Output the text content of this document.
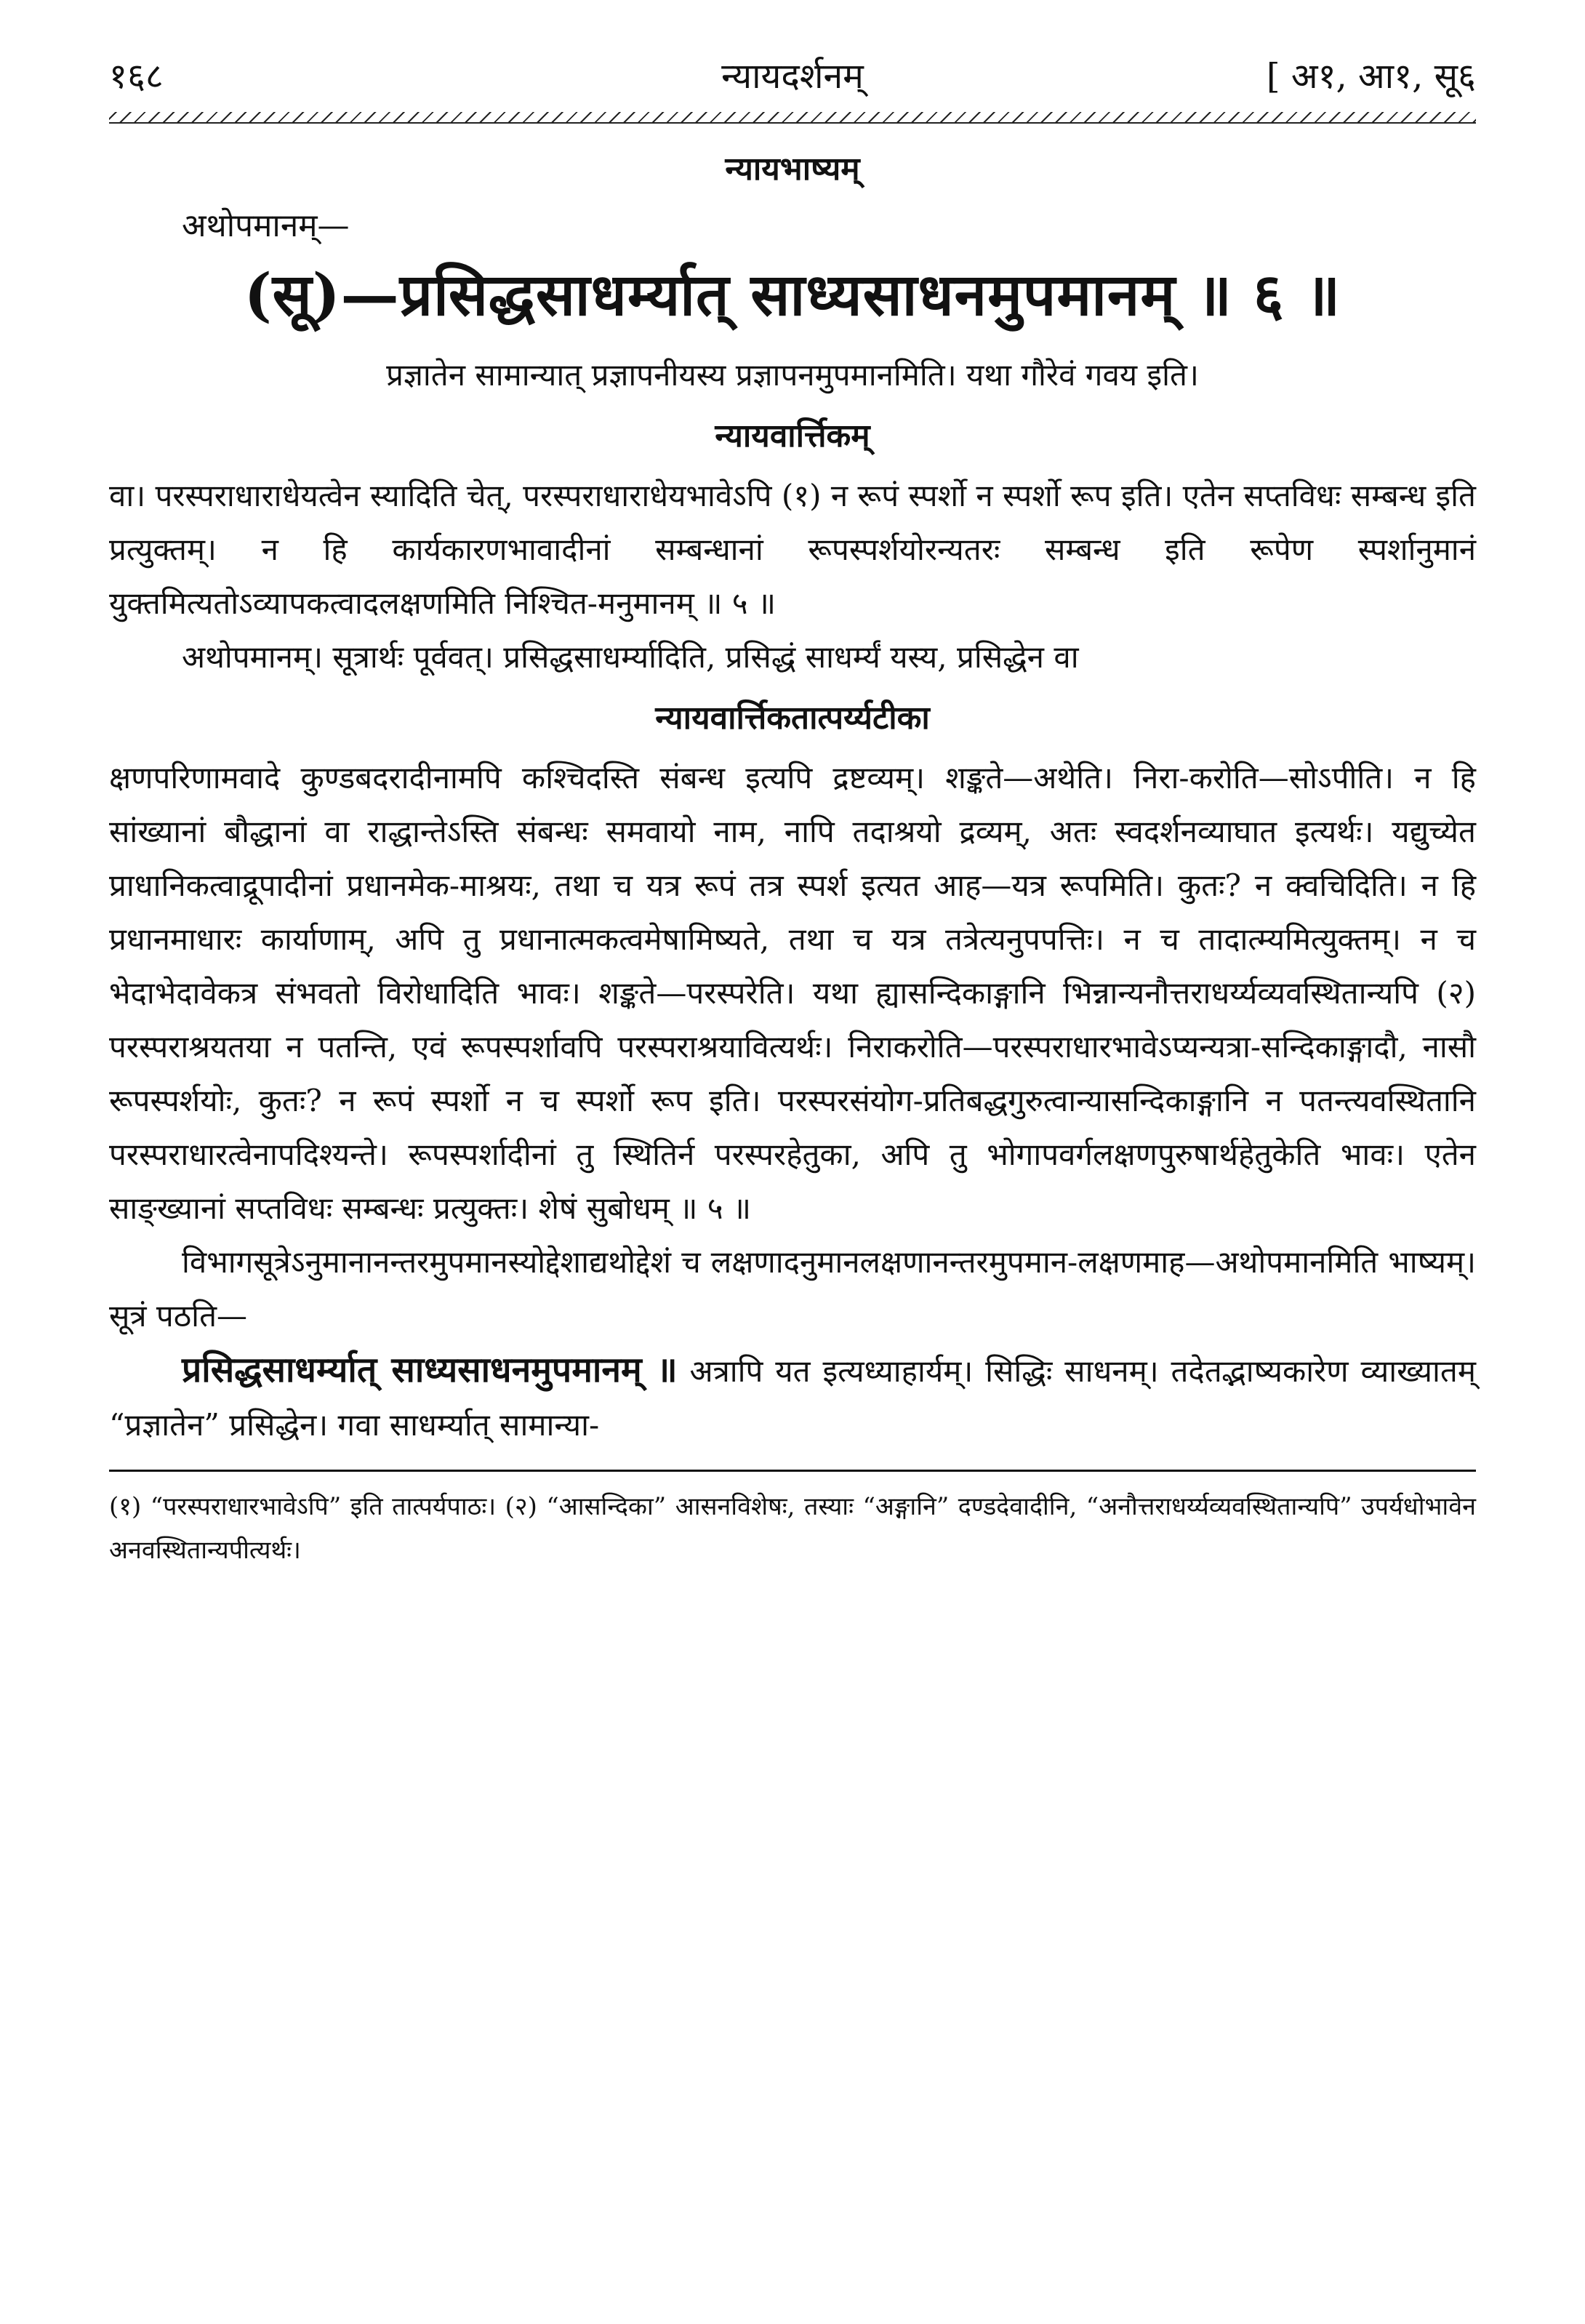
१६८	न्यायदर्शनम्	[ अ१, आ१, सू६
न्यायभाष्यम्
अथोपमानम्—
(सू)—प्रसिद्धसाधर्म्यात् साध्यसाधनमुपमानम् ॥ ६ ॥

प्रज्ञातेन सामान्यात् प्रज्ञापनीयस्य प्रज्ञापनमुपमानमिति। यथा गौरेवं गवय इति।

न्यायवार्त्तिकम्

वा। परस्पराधाराधेयत्वेन स्यादिति चेत्, परस्पराधाराधेयभावेऽपि (१) न रूपं स्पर्शो न स्पर्शो रूप इति। एतेन सप्तविधः सम्बन्ध इति प्रत्युक्तम्। न हि कार्यकारणभावादीनां सम्बन्धानां रूपस्पर्शयोरन्यतरः सम्बन्ध इति रूपेण स्पर्शानुमानं युक्तमित्यतोऽव्यापकत्वादलक्षणमिति निश्चित-मनुमानम् ॥ ५ ॥

अथोपमानम्। सूत्रार्थः पूर्ववत्। प्रसिद्धसाधर्म्यादिति, प्रसिद्धं साधर्म्यं यस्य, प्रसिद्धेन वा

न्यायवार्त्तिकतात्पर्य्यटीका

क्षणपरिणामवादे कुण्डबदरादीनामपि कश्चिदस्ति संबन्ध इत्यपि द्रष्टव्यम्। शङ्कते—अथेति। निरा-करोति—सोऽपीति। न हि सांख्यानां बौद्धानां वा राद्धान्तेऽस्ति संबन्धः समवायो नाम, नापि तदाश्रयो द्रव्यम्, अतः स्वदर्शनव्याघात इत्यर्थः। यद्युच्येत प्राधानिकत्वाद्रूपादीनां प्रधानमेक-माश्रयः, तथा च यत्र रूपं तत्र स्पर्श इत्यत आह—यत्र रूपमिति। कुतः? न क्वचिदिति। न हि प्रधानमाधारः कार्याणाम्, अपि तु प्रधानात्मकत्वमेषामिष्यते, तथा च यत्र तत्रेत्यनुपपत्तिः। न च तादात्म्यमित्युक्तम्। न च भेदाभेदावेकत्र संभवतो विरोधादिति भावः। शङ्कते—परस्परेति। यथा ह्यासन्दिकाङ्गानि भिन्नान्यनौत्तराधर्य्यव्यवस्थितान्यपि (२) परस्पराश्रयतया न पतन्ति, एवं रूपस्पर्शावपि परस्पराश्रयावित्यर्थः। निराकरोति—परस्पराधारभावेऽप्यन्यत्रा-सन्दिकाङ्गादौ, नासौ रूपस्पर्शयोः, कुतः? न रूपं स्पर्शो न च स्पर्शो रूप इति। परस्परसंयोग-प्रतिबद्धगुरुत्वान्यासन्दिकाङ्गानि न पतन्त्यवस्थितानि परस्पराधारत्वेनापदिश्यन्ते। रूपस्पर्शादीनां तु स्थितिर्न परस्परहेतुका, अपि तु भोगापवर्गलक्षणपुरुषार्थहेतुकेति भावः। एतेन साङ्ख्यानां सप्तविधः सम्बन्धः प्रत्युक्तः। शेषं सुबोधम् ॥ ५ ॥

विभागसूत्रेऽनुमानानन्तरमुपमानस्योद्देशाद्यथोद्देशं च लक्षणादनुमानलक्षणानन्तरमुपमान-लक्षणमाह—अथोपमानमिति भाष्यम्। सूत्रं पठति—

प्रसिद्धसाधर्म्यात् साध्यसाधनमुपमानम् ॥ अत्रापि यत इत्यध्याहार्यम्। सिद्धिः साधनम्। तदेतद्भाष्यकारेण व्याख्यातम् “प्रज्ञातेन” प्रसिद्धेन। गवा साधर्म्यात् सामान्या-

(१) “परस्पराधारभावेऽपि” इति तात्पर्यपाठः। (२) “आसन्दिका” आसनविशेषः, तस्याः “अङ्गानि” दण्डदेवादीनि, “अनौत्तराधर्य्यव्यवस्थितान्यपि” उपर्यधोभावेन अनवस्थितान्यपीत्यर्थः।
